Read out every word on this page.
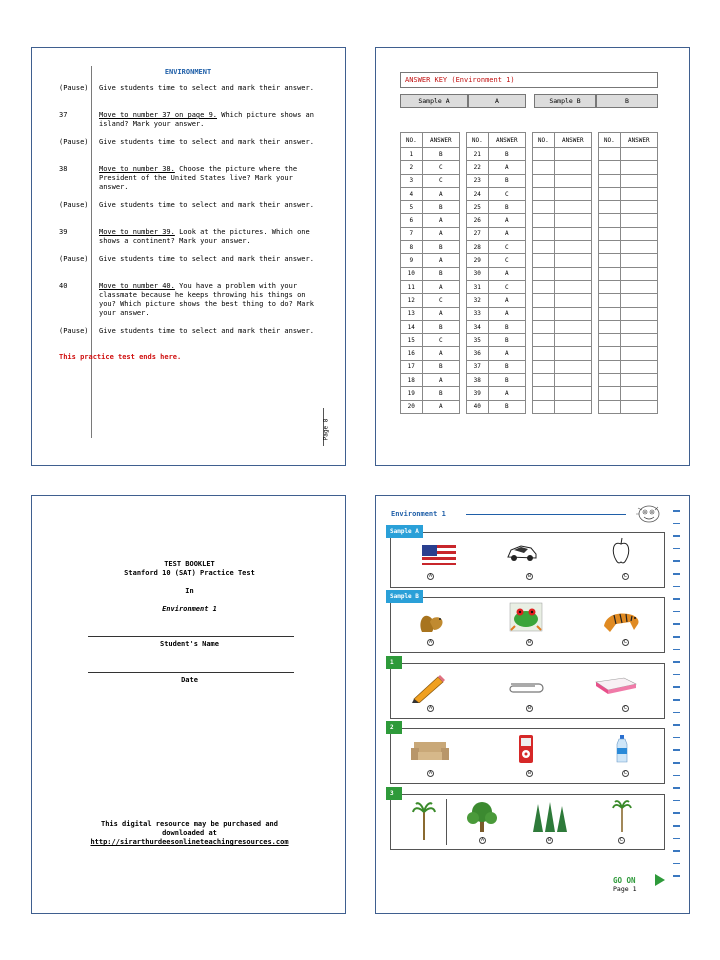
ENVIRONMENT
(Pause)	Give students time to select and mark their answer.
37	Move to number 37 on page 9. Which picture shows an island? Mark your answer.
(Pause)	Give students time to select and mark their answer.
38	Move to number 38. Choose the picture where the President of the United States live? Mark your answer.
(Pause)	Give students time to select and mark their answer.
39	Move to number 39. Look at the pictures. Which one shows a continent? Mark your answer.
(Pause)	Give students time to select and mark their answer.
40	Move to number 40. You have a problem with your classmate because he keeps throwing his things on you? Which picture shows the best thing to do? Mark your answer.
(Pause)	Give students time to select and mark their answer.
This practice test ends here.
Page 8
ANSWER KEY (Environment 1)
Sample A	A	Sample B	B
NO.	ANSWER
1	B
2	C
3	C
4	A
5	B
6	A
7	A
8	B
9	A
10	B
11	A
12	C
13	A
14	B
15	C
16	A
17	B
18	A
19	B
20	A
NO.	ANSWER
21	B
22	A
23	B
24	C
25	B
26	A
27	A
28	C
29	C
30	A
31	C
32	A
33	A
34	B
35	B
36	A
37	B
38	B
39	A
40	B
NO.	ANSWER

		NO.	ANSWER

TEST BOOKLET
Stanford 10 (SAT) Practice Test
In
Environment 1
Student's Name
Date
This digital resource may be purchased and
downloaded at
http://sirarthurdeesonlineteachingresources.com
Environment 1
Sample A
A	B	C
Sample B
A	B	C
1
A	B	C
2
A	B	C
3
A	B	C
GO ON
Page 1
